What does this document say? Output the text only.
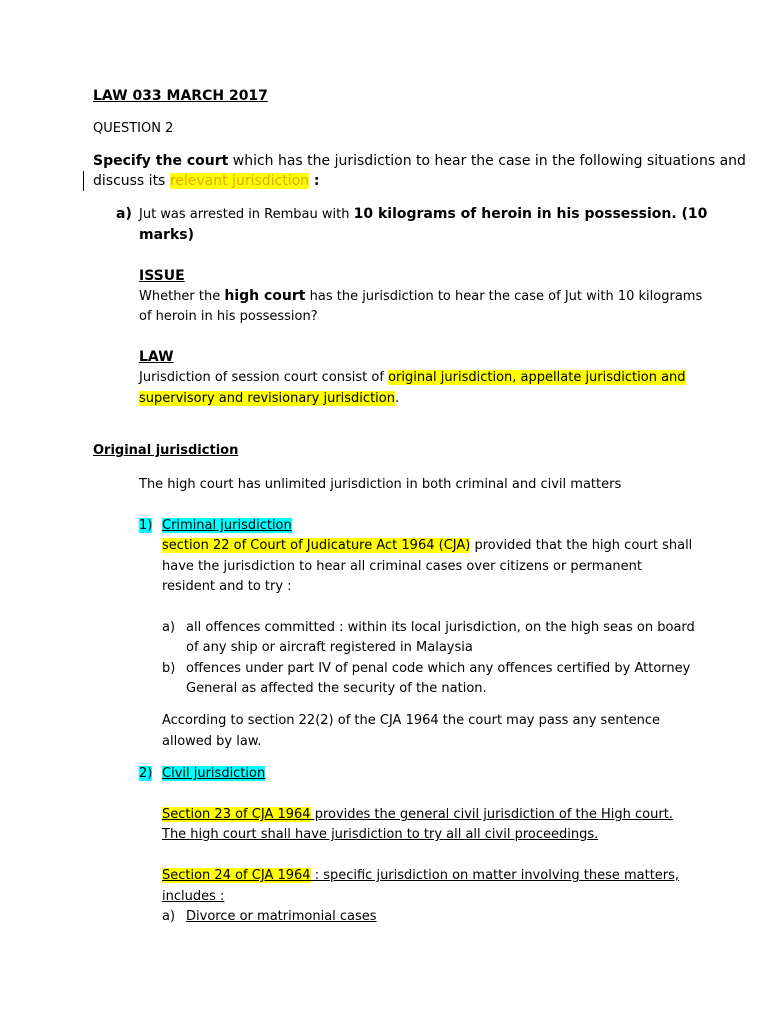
LAW 033 MARCH 2017
QUESTION 2
Specify the court which has the jurisdiction to hear the case in the following situations and
discuss its relevant jurisdiction :
a) Jut was arrested in Rembau with 10 kilograms of heroin in his possession. (10
marks)
ISSUE
Whether the high court has the jurisdiction to hear the case of Jut with 10 kilograms
of heroin in his possession?
LAW
Jurisdiction of session court consist of original jurisdiction, appellate jurisdiction and
supervisory and revisionary jurisdiction.
Original jurisdiction
The high court has unlimited jurisdiction in both criminal and civil matters
1) Criminal jurisdiction
section 22 of Court of Judicature Act 1964 (CJA) provided that the high court shall
have the jurisdiction to hear all criminal cases over citizens or permanent
resident and to try :
a) all offences committed : within its local jurisdiction, on the high seas on board
of any ship or aircraft registered in Malaysia
b) offences under part IV of penal code which any offences certified by Attorney
General as affected the security of the nation.
According to section 22(2) of the CJA 1964 the court may pass any sentence
allowed by law.
2) Civil jurisdiction
Section 23 of CJA 1964 provides the general civil jurisdiction of the High court.
The high court shall have jurisdiction to try all all civil proceedings.
Section 24 of CJA 1964 : specific jurisdiction on matter involving these matters,
includes :
a) Divorce or matrimonial cases
